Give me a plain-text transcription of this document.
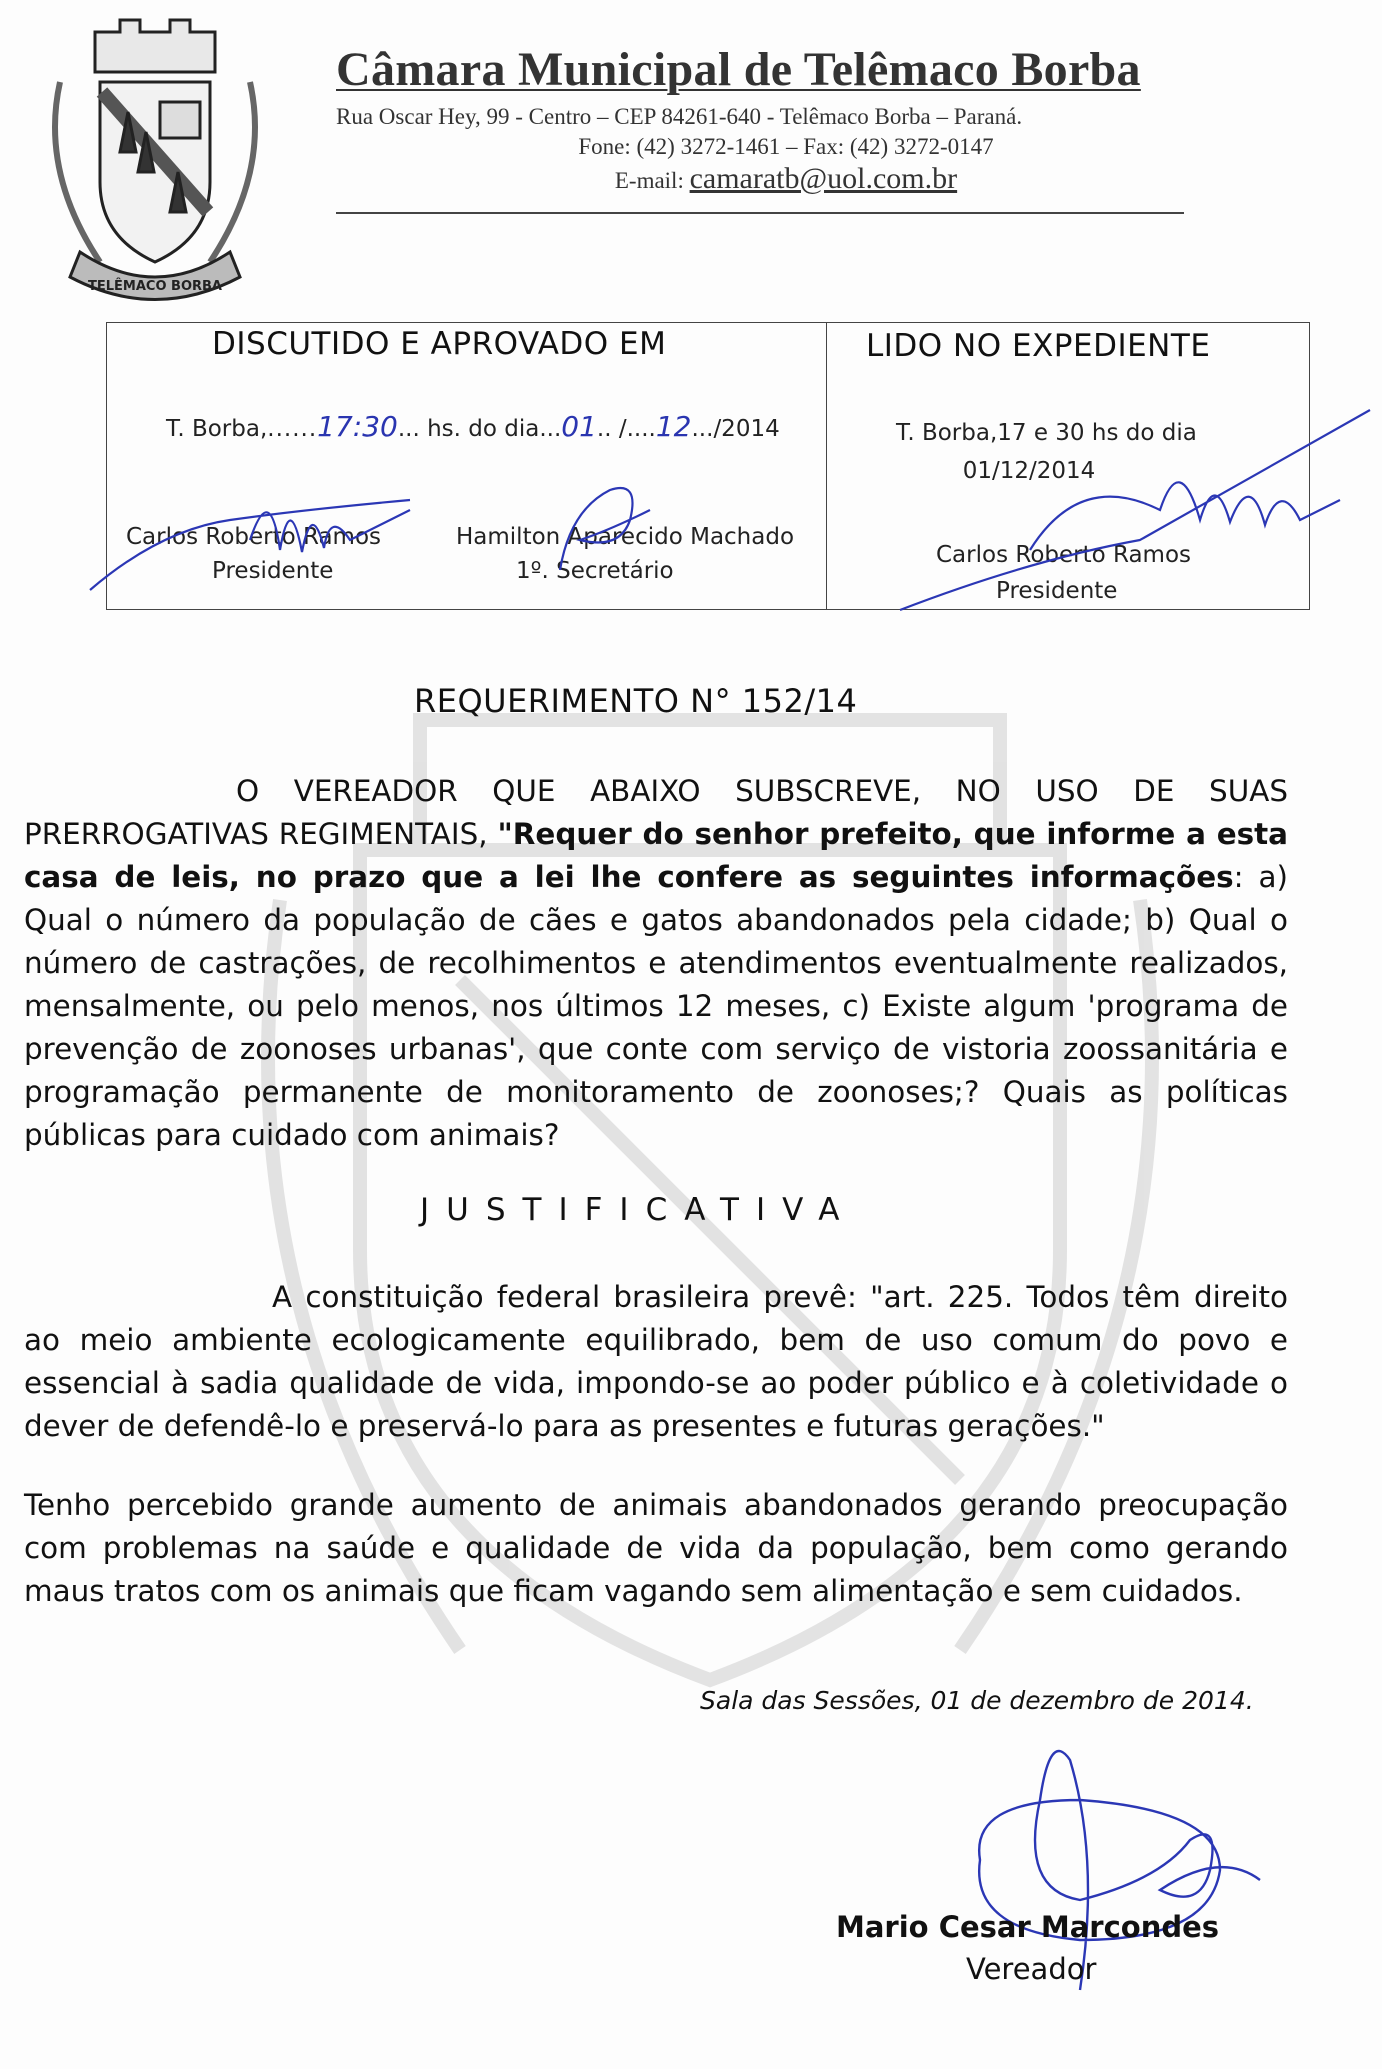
TELÊMACO BORBA
Câmara Municipal de Telêmaco Borba
Rua Oscar Hey, 99 - Centro – CEP 84261-640 - Telêmaco Borba – Paraná.
Fone: (42) 3272-1461 – Fax: (42) 3272-0147
E-mail: camaratb@uol.com.br
DISCUTIDO E APROVADO EM	LIDO NO EXPEDIENTE
T. Borba,......17:30... hs. do dia...01.. /....12.../2014
Carlos Roberto Ramos
Presidente
Hamilton Aparecido Machado
1º. Secretário
T. Borba,17 e 30 hs do dia
01/12/2014
Carlos Roberto Ramos
Presidente
REQUERIMENTO N° 152/14
O VEREADOR QUE ABAIXO SUBSCREVE, NO USO DE SUAS PRERROGATIVAS REGIMENTAIS, "Requer do senhor prefeito, que informe a esta casa de leis, no prazo que a lei lhe confere as seguintes informações: a) Qual o número da população de cães e gatos abandonados pela cidade; b) Qual o número de castrações, de recolhimentos e atendimentos eventualmente realizados, mensalmente, ou pelo menos, nos últimos 12 meses, c) Existe algum 'programa de prevenção de zoonoses urbanas', que conte com serviço de vistoria zoossanitária e programação permanente de monitoramento de zoonoses;? Quais as políticas públicas para cuidado com animais?
JUSTIFICATIVA
A constituição federal brasileira prevê: "art. 225. Todos têm direito ao meio ambiente ecologicamente equilibrado, bem de uso comum do povo e essencial à sadia qualidade de vida, impondo-se ao poder público e à coletividade o dever de defendê-lo e preservá-lo para as presentes e futuras gerações."
Tenho percebido grande aumento de animais abandonados gerando preocupação com problemas na saúde e qualidade de vida da população, bem como gerando maus tratos com os animais que ficam vagando sem alimentação e sem cuidados.
Sala das Sessões, 01 de dezembro de 2014.
Mario Cesar Marcondes
Vereador
